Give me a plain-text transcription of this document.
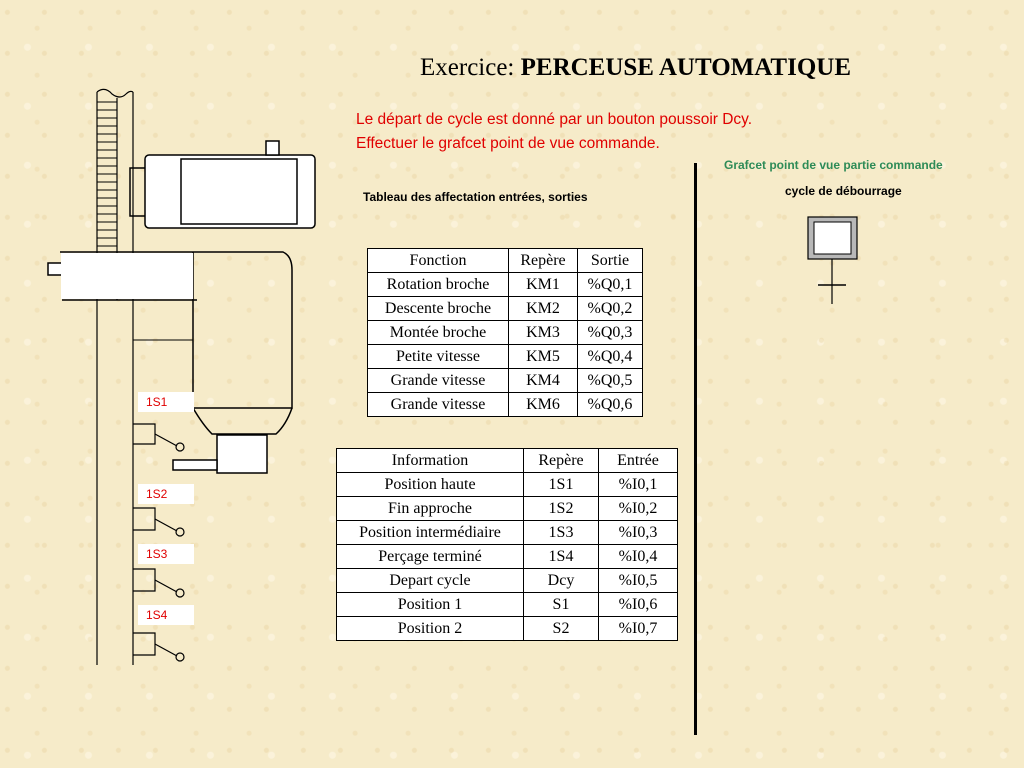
Exercice: PERCEUSE AUTOMATIQUE
Le départ de cycle est donné par un bouton poussoir Dcy.
Effectuer le grafcet point de vue commande.
Tableau des affectation entrées, sorties
Grafcet point de vue partie commande
cycle de débourrage
Fonction	Repère	Sortie
Rotation broche	KM1	%Q0,1
Descente broche	KM2	%Q0,2
Montée broche	KM3	%Q0,3
Petite vitesse	KM5	%Q0,4
Grande vitesse	KM4	%Q0,5
Grande vitesse	KM6	%Q0,6
Information	Repère	Entrée
Position haute	1S1	%I0,1
Fin approche	1S2	%I0,2
Position intermédiaire	1S3	%I0,3
Perçage terminé	1S4	%I0,4
Depart cycle	Dcy	%I0,5
Position 1	S1	%I0,6
Position 2	S2	%I0,7
1S1
1S2
1S3
1S4
